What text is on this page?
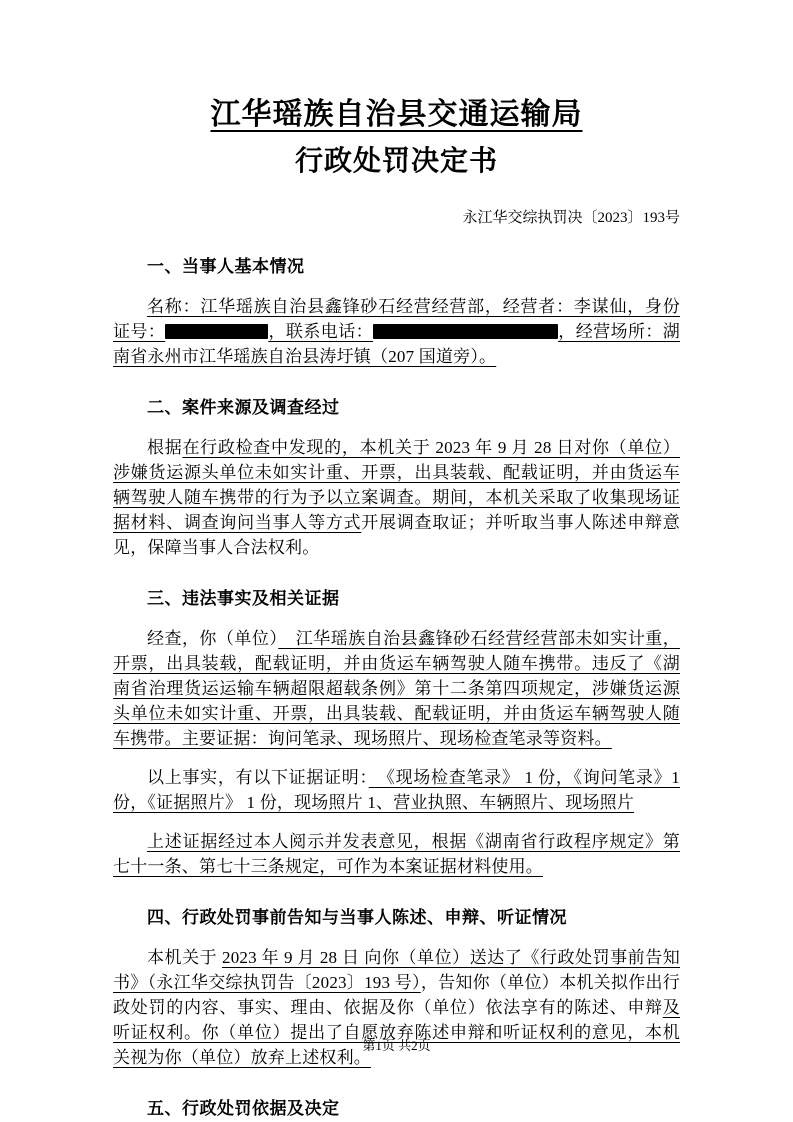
江华瑶族自治县交通运输局
行政处罚决定书
永江华交综执罚决〔2023〕193号
一、当事人基本情况

名称：江华瑶族自治县鑫锋砂石经营经营部，经营者：李谋仙，身份证号：	，联系电话：	，经营场所：湖南省永州市江华瑶族自治县涛圩镇（207 国道旁）。

二、案件来源及调查经过

根据在行政检查中发现的，本机关于 2023 年 9 月 28 日对你（单位）涉嫌货运源头单位未如实计重、开票，出具装载、配载证明，并由货运车辆驾驶人随车携带的行为予以立案调查。期间，本机关采取了收集现场证据材料、调查询问当事人等方式开展调查取证；并听取当事人陈述申辩意见，保障当事人合法权利。

三、违法事实及相关证据

经查，你（单位）　江华瑶族自治县鑫锋砂石经营经营部未如实计重，开票，出具装载，配载证明，并由货运车辆驾驶人随车携带。违反了《湖南省治理货运运输车辆超限超载条例》第十二条第四项规定，涉嫌货运源头单位未如实计重、开票，出具装载、配载证明，并由货运车辆驾驶人随车携带。主要证据：询问笔录、现场照片、现场检查笔录等资料。

以上事实，有以下证据证明：　《现场检查笔录》 1 份，《询问笔录》1 份，《证据照片》 1 份，现场照片 1、营业执照、车辆照片、现场照片

上述证据经过本人阅示并发表意见，根据《湖南省行政程序规定》第七十一条、第七十三条规定，可作为本案证据材料使用。

四、行政处罚事前告知与当事人陈述、申辩、听证情况

本机关于 2023 年 9 月 28 日 向你（单位）送达了《行政处罚事前告知书》（永江华交综执罚告〔2023〕193 号），告知你（单位）本机关拟作出行政处罚的内容、事实、理由、依据及你（单位）依法享有的陈述、申辩及听证权利。你（单位）提出了自愿放弃陈述申辩和听证权利的意见，本机关视为你（单位）放弃上述权利。

五、行政处罚依据及决定
第1页 共2页
